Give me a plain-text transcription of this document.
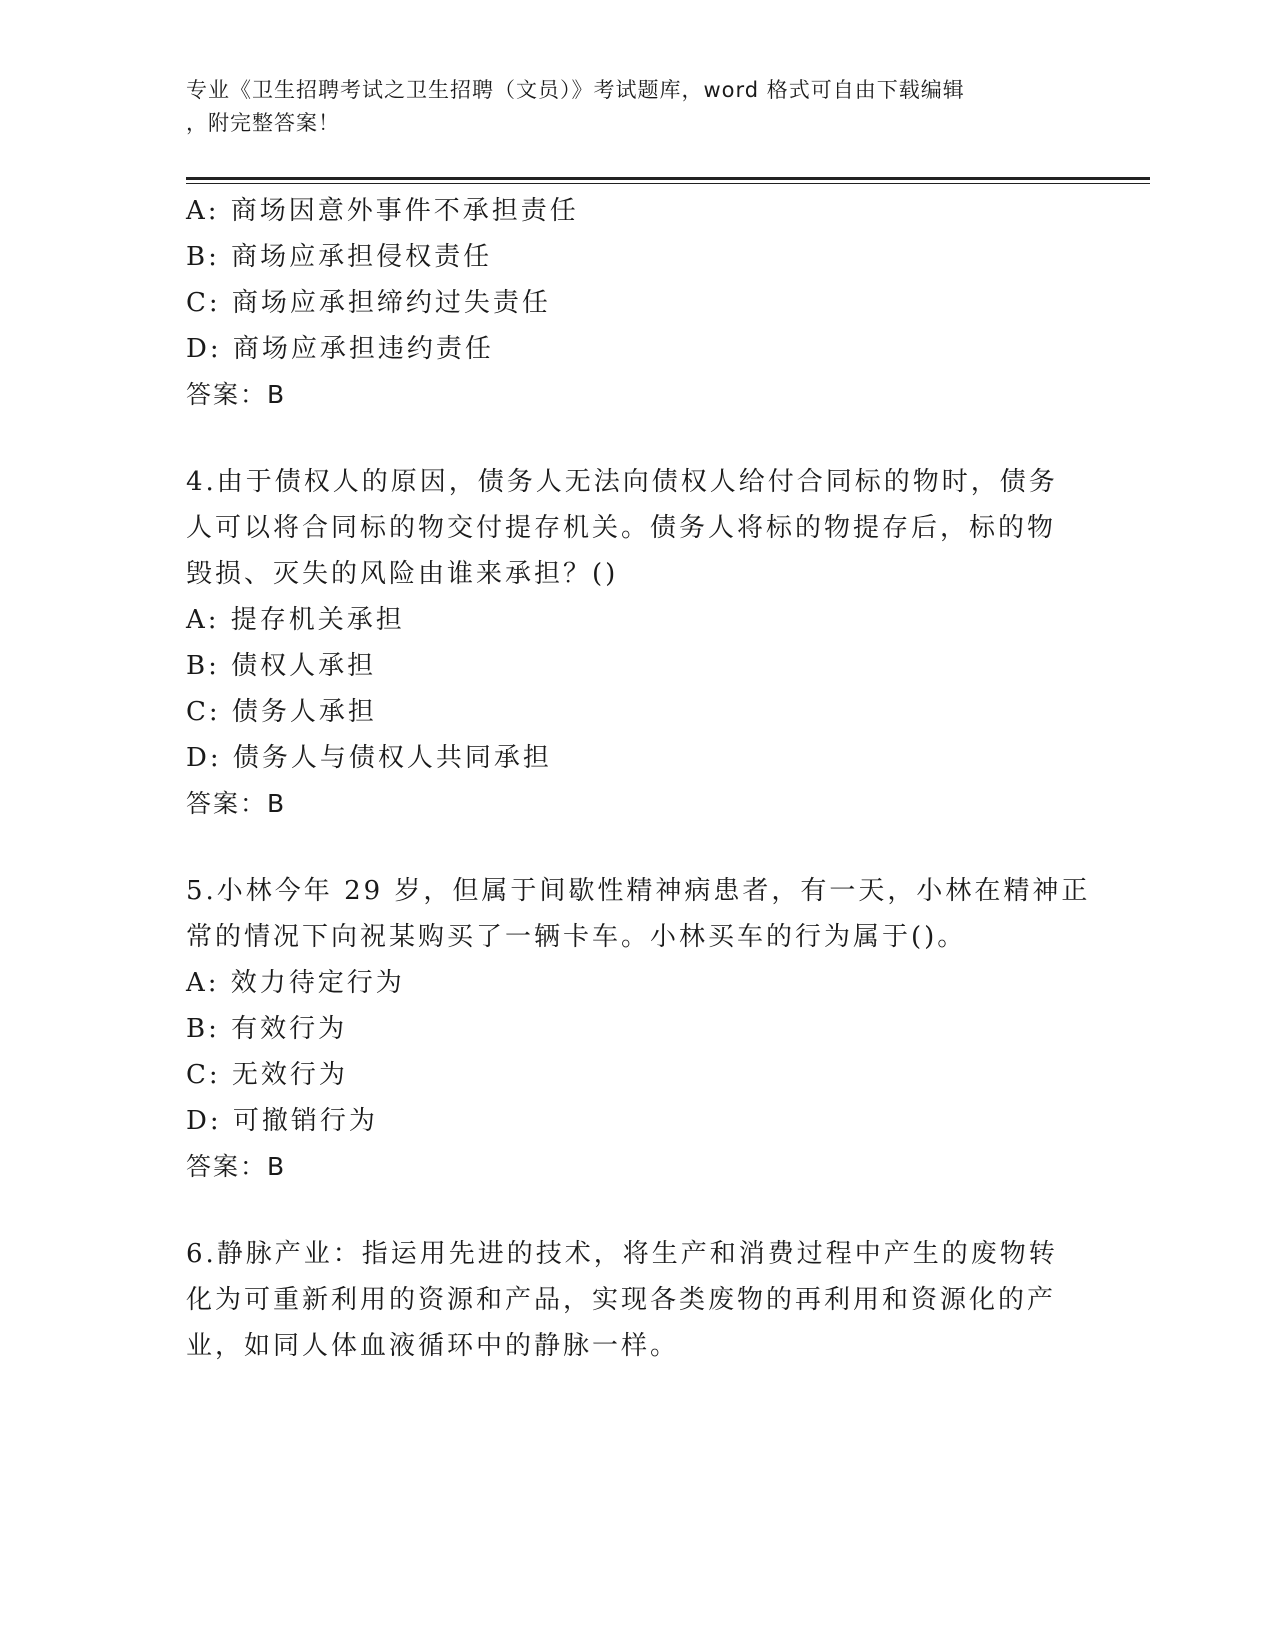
专业《卫生招聘考试之卫生招聘（文员）》考试题库，word 格式可自由下载编辑
，附完整答案！
A: 商场因意外事件不承担责任
B: 商场应承担侵权责任
C: 商场应承担缔约过失责任
D: 商场应承担违约责任
答案：B
4.由于债权人的原因，债务人无法向债权人给付合同标的物时，债务
人可以将合同标的物交付提存机关。债务人将标的物提存后，标的物
毁损、灭失的风险由谁来承担？()
A: 提存机关承担
B: 债权人承担
C: 债务人承担
D: 债务人与债权人共同承担
答案：B
5.小林今年 29 岁，但属于间歇性精神病患者，有一天，小林在精神正
常的情况下向祝某购买了一辆卡车。小林买车的行为属于()。
A: 效力待定行为
B: 有效行为
C: 无效行为
D: 可撤销行为
答案：B
6.静脉产业：指运用先进的技术，将生产和消费过程中产生的废物转
化为可重新利用的资源和产品，实现各类废物的再利用和资源化的产
业，如同人体血液循环中的静脉一样。
